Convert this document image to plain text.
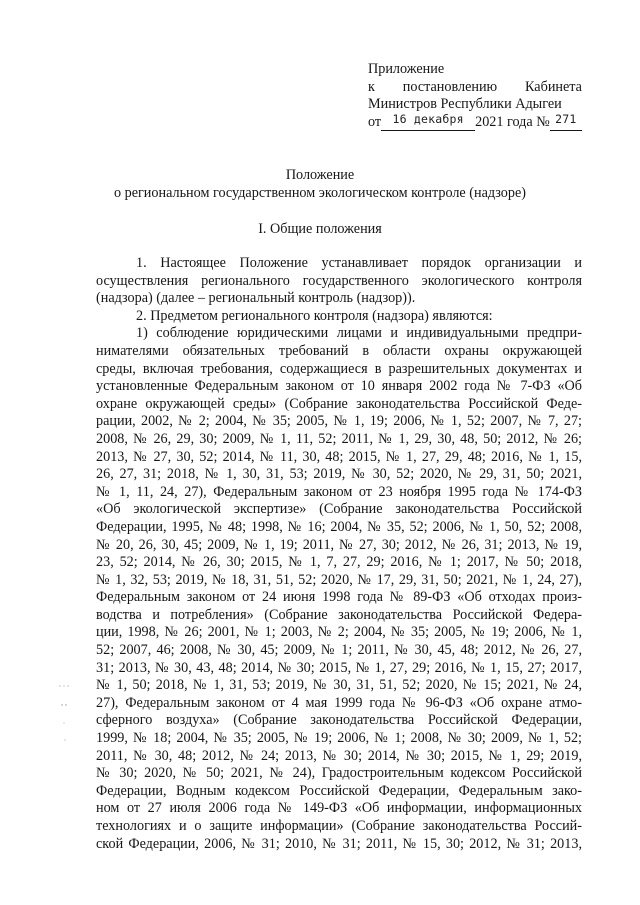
Приложение
к постановлению Кабинета
Министров Республики Адыгеи
от 16 декабря 2021 года № 271
Положение
о региональном государственном экологическом контроле (надзоре)
I. Общие положения
1. Настоящее Положение устанавливает порядок организации и
осуществления регионального государственного экологического контроля
(надзора) (далее – региональный контроль (надзор)).
2. Предметом регионального контроля (надзора) являются:
1) соблюдение юридическими лицами и индивидуальными предпри-
нимателями обязательных требований в области охраны окружающей
среды, включая требования, содержащиеся в разрешительных документах и
установленные Федеральным законом от 10 января 2002 года № 7-ФЗ «Об
охране окружающей среды» (Собрание законодательства Российской Феде-
рации, 2002, № 2; 2004, № 35; 2005, № 1, 19; 2006, № 1, 52; 2007, № 7, 27;
2008, № 26, 29, 30; 2009, № 1, 11, 52; 2011, № 1, 29, 30, 48, 50; 2012, № 26;
2013, № 27, 30, 52; 2014, № 11, 30, 48; 2015, № 1, 27, 29, 48; 2016, № 1, 15,
26, 27, 31; 2018, № 1, 30, 31, 53; 2019, № 30, 52; 2020, № 29, 31, 50; 2021,
№ 1, 11, 24, 27), Федеральным законом от 23 ноября 1995 года № 174-ФЗ
«Об экологической экспертизе» (Собрание законодательства Российской
Федерации, 1995, № 48; 1998, № 16; 2004, № 35, 52; 2006, № 1, 50, 52; 2008,
№ 20, 26, 30, 45; 2009, № 1, 19; 2011, № 27, 30; 2012, № 26, 31; 2013, № 19,
23, 52; 2014, № 26, 30; 2015, № 1, 7, 27, 29; 2016, № 1; 2017, № 50; 2018,
№ 1, 32, 53; 2019, № 18, 31, 51, 52; 2020, № 17, 29, 31, 50; 2021, № 1, 24, 27),
Федеральным законом от 24 июня 1998 года № 89-ФЗ «Об отходах произ-
водства и потребления» (Собрание законодательства Российской Федера-
ции, 1998, № 26; 2001, № 1; 2003, № 2; 2004, № 35; 2005, № 19; 2006, № 1,
52; 2007, 46; 2008, № 30, 45; 2009, № 1; 2011, № 30, 45, 48; 2012, № 26, 27,
31; 2013, № 30, 43, 48; 2014, № 30; 2015, № 1, 27, 29; 2016, № 1, 15, 27; 2017,
№ 1, 50; 2018, № 1, 31, 53; 2019, № 30, 31, 51, 52; 2020, № 15; 2021, № 24,
27), Федеральным законом от 4 мая 1999 года № 96-ФЗ «Об охране атмо-
сферного воздуха» (Собрание законодательства Российской Федерации,
1999, № 18; 2004, № 35; 2005, № 19; 2006, № 1; 2008, № 30; 2009, № 1, 52;
2011, № 30, 48; 2012, № 24; 2013, № 30; 2014, № 30; 2015, № 1, 29; 2019,
№ 30; 2020, № 50; 2021, № 24), Градостроительным кодексом Российской
Федерации, Водным кодексом Российской Федерации, Федеральным зако-
ном от 27 июля 2006 года № 149-ФЗ «Об информации, информационных
технологиях и о защите информации» (Собрание законодательства Россий-
ской Федерации, 2006, № 31; 2010, № 31; 2011, № 15, 30; 2012, № 31; 2013,
